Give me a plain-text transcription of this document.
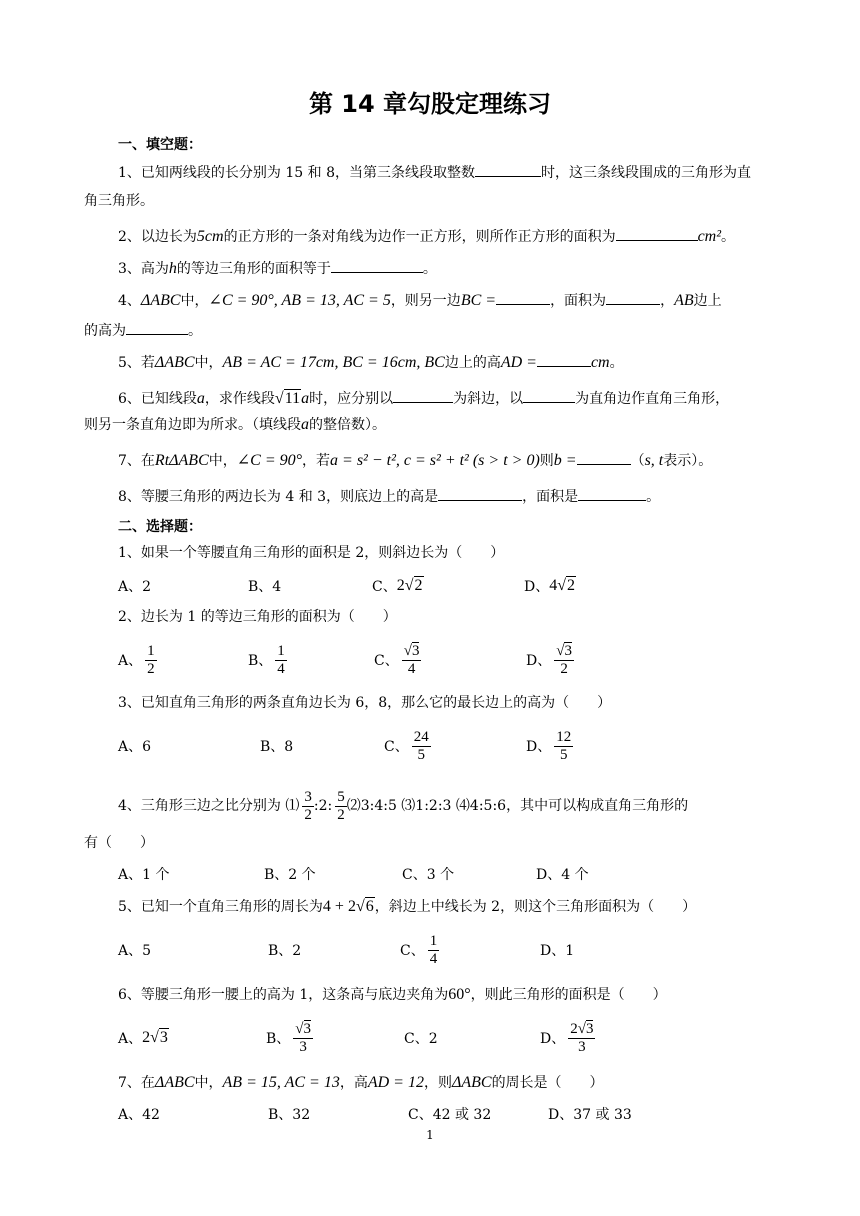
第 14 章勾股定理练习
一、填空题：
1、已知两线段的长分别为 15 和 8，当第三条线段取整数	时，这三条线段围成的三角形为直
角三角形。
2、以边长为5cm的正方形的一条对角线为边作一正方形，则所作正方形的面积为	cm²。
3、高为h的等边三角形的面积等于	。
4、ΔABC中，∠C = 90°, AB = 13, AC = 5，则另一边BC =	，面积为	，AB边上
的高为	。
5、若ΔABC中，AB = AC = 17cm, BC = 16cm, BC边上的高AD =	cm。
6、已知线段a，求作线段√11a时，应分别以	为斜边，以	为直角边作直角三角形，
则另一条直角边即为所求。（填线段a的整倍数）。
7、在RtΔABC中，∠C = 90°，若a = s² − t², c = s² + t² (s > t > 0)则b =	（s, t表示）。
8、等腰三角形的两边长为 4 和 3，则底边上的高是	，面积是	。
二、选择题：
1、如果一个等腰直角三角形的面积是 2，则斜边长为（　　）
A、2	B、4	C、 2√2	D、 4√2
2、边长为 1 的等边三角形的面积为（　　）
A、 $\frac{1}{2}$	B、 $\frac{1}{4}$	C、 $\frac{√3}{4}$	D、 $\frac{√3}{2}$
3、已知直角三角形的两条直角边长为 6，8，那么它的最长边上的高为（　　）
A、6	B、8	C、 $\frac{24}{5}$	D、 $\frac{12}{5}$
4、三角形三边之比分别为 ⑴ $\frac{3}{2}$ :2: $\frac{5}{2}$ ⑵3:4:5 ⑶1:2:3 ⑷4:5:6，其中可以构成直角三角形的
有（　　）
A、1 个	B、2 个	C、3 个	D、4 个
5、已知一个直角三角形的周长为4 + 2√6，斜边上中线长为 2，则这个三角形面积为（　　）
A、5	B、2	C、 $\frac{1}{4}$	D、1
6、等腰三角形一腰上的高为 1，这条高与底边夹角为60°，则此三角形的面积是（　　）
A、 2√3	B、 $\frac{√3}{3}$	C、2	D、 $\frac{2√3}{3}$
7、在ΔABC中，AB = 15, AC = 13，高AD = 12，则ΔABC的周长是（　　）
A、42	B、32	C、42 或 32	D、37 或 33
1
